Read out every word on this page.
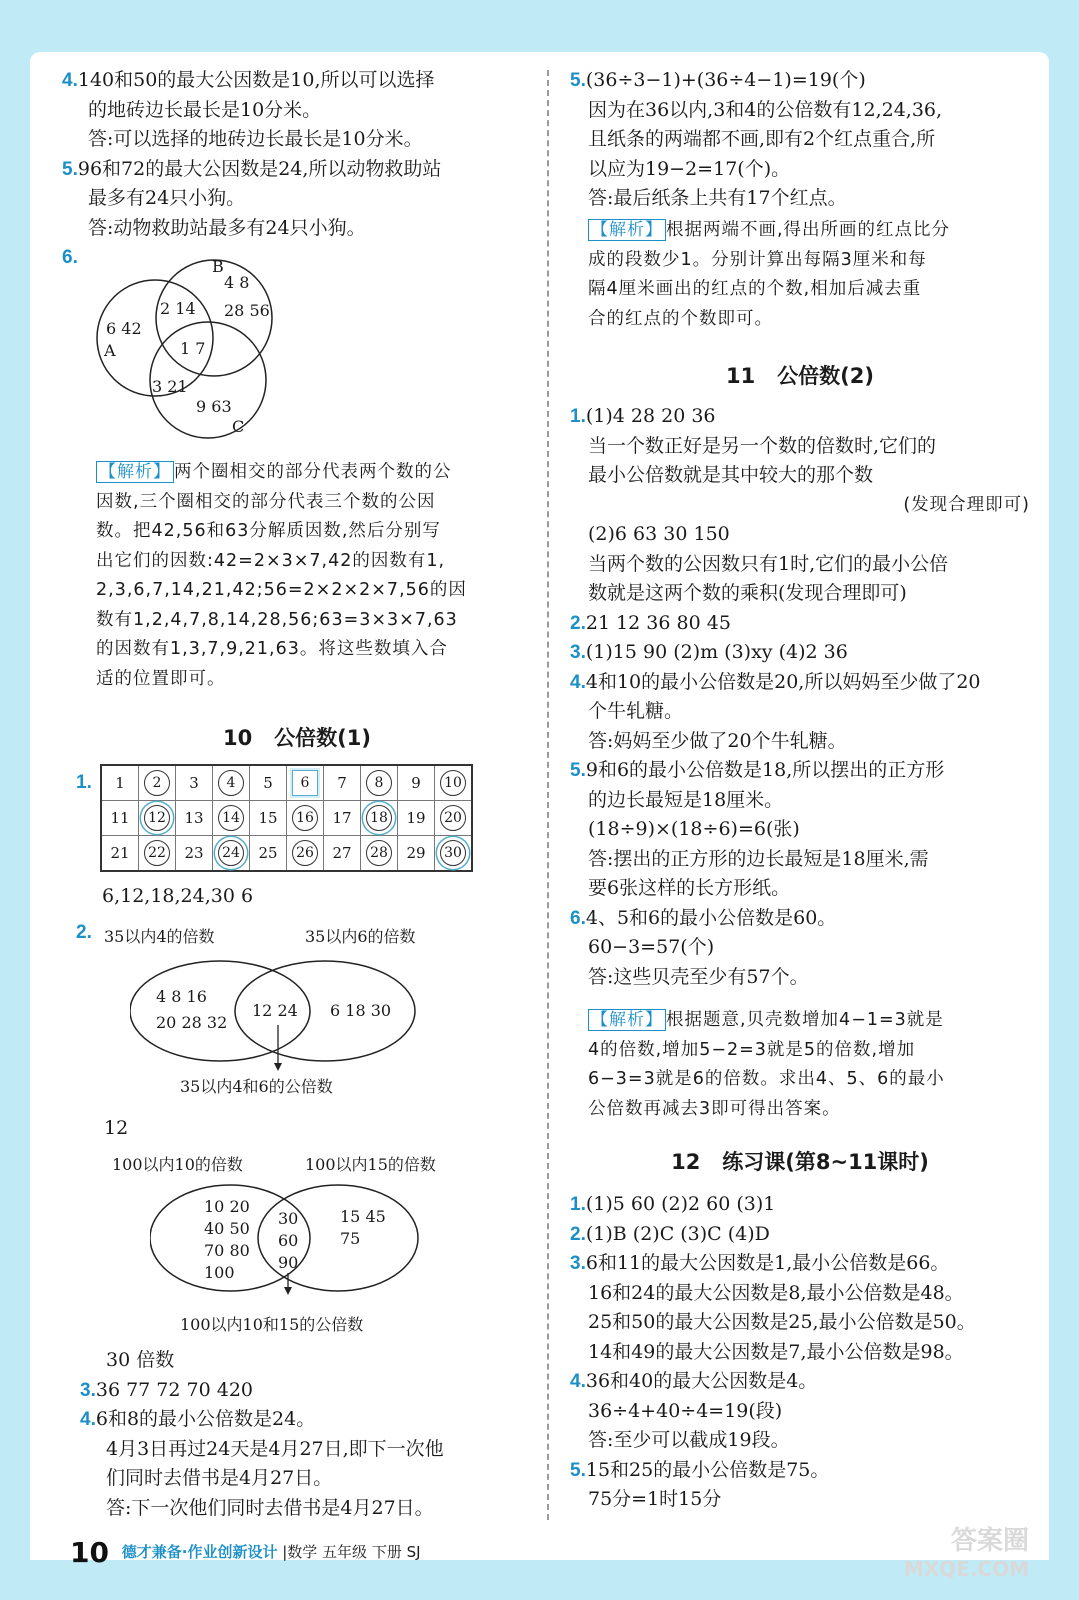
4.140和50的最大公因数是10,所以可以选择
的地砖边长最长是10分米。
答:可以选择的地砖边长最长是10分米。
5.96和72的最大公因数是24,所以动物救助站
最多有24只小狗。
答:动物救助站最多有24只小狗。
6.	B
4 8
28 56
2 14
6 42
A	1 7
3 21
9 63
C
【解析】 两个圈相交的部分代表两个数的公
因数,三个圈相交的部分代表三个数的公因
数。把42,56和63分解质因数,然后分别写
出它们的因数:42=2×3×7,42的因数有1,
2,3,6,7,14,21,42;56=2×2×2×7,56的因
数有1,2,4,7,8,14,28,56;63=3×3×7,63
的因数有1,3,7,9,21,63。将这些数填入合
适的位置即可。
10 公倍数(1)
1. 1	2	3	4	5	6	7	8	9	10
11	12	13	14	15	16	17	18	19	20
21	22	23	24	25	26	27	28	29	30
6,12,18,24,30 6
2. 35以内4的倍数	35以内6的倍数
4 8 16
20 28 32
12 24 6 18 30
35以内4和6的公倍数
12
100以内10的倍数	100以内15的倍数
10 20
40 50
70 80
100
30
60
90
15 45
75
100以内10和15的公倍数
30 倍数
3.36 77 72 70 420
4.6和8的最小公倍数是24。
4月3日再过24天是4月27日,即下一次他
们同时去借书是4月27日。
答:下一次他们同时去借书是4月27日。
5.(36÷3−1)+(36÷4−1)=19(个)
因为在36以内,3和4的公倍数有12,24,36,
且纸条的两端都不画,即有2个红点重合,所
以应为19−2=17(个)。
答:最后纸条上共有17个红点。
【解析】 根据两端不画,得出所画的红点比分
成的段数少1。分别计算出每隔3厘米和每
隔4厘米画出的红点的个数,相加后减去重
合的红点的个数即可。
11 公倍数(2)
1.(1)4 28 20 36
当一个数正好是另一个数的倍数时,它们的
最小公倍数就是其中较大的那个数
(发现合理即可)
(2)6 63 30 150
当两个数的公因数只有1时,它们的最小公倍
数就是这两个数的乘积(发现合理即可)
2.21 12 36 80 45
3.(1)15 90 (2)m (3)xy (4)2 36
4.4和10的最小公倍数是20,所以妈妈至少做了20
个牛轧糖。
答:妈妈至少做了20个牛轧糖。
5.9和6的最小公倍数是18,所以摆出的正方形
的边长最短是18厘米。
(18÷9)×(18÷6)=6(张)
答:摆出的正方形的边长最短是18厘米,需
要6张这样的长方形纸。
6.4、5和6的最小公倍数是60。
60−3=57(个)
答:这些贝壳至少有57个。
【解析】 根据题意,贝壳数增加4−1=3就是
4的倍数,增加5−2=3就是5的倍数,增加
6−3=3就是6的倍数。求出4、5、6的最小
公倍数再减去3即可得出答案。
12 练习课(第8~11课时)
1.(1)5 60 (2)2 60 (3)1
2.(1)B (2)C (3)C (4)D
3.6和11的最大公因数是1,最小公倍数是66。
16和24的最大公因数是8,最小公倍数是48。
25和50的最大公因数是25,最小公倍数是50。
14和49的最大公因数是7,最小公倍数是98。
4.36和40的最大公因数是4。
36÷4+40÷4=19(段)
答:至少可以截成19段。
5.15和25的最小公倍数是75。
75分=1时15分
10 德才兼备·作业创新设计 |数学 五年级 下册 SJ	答案圈
MXQE.COM
